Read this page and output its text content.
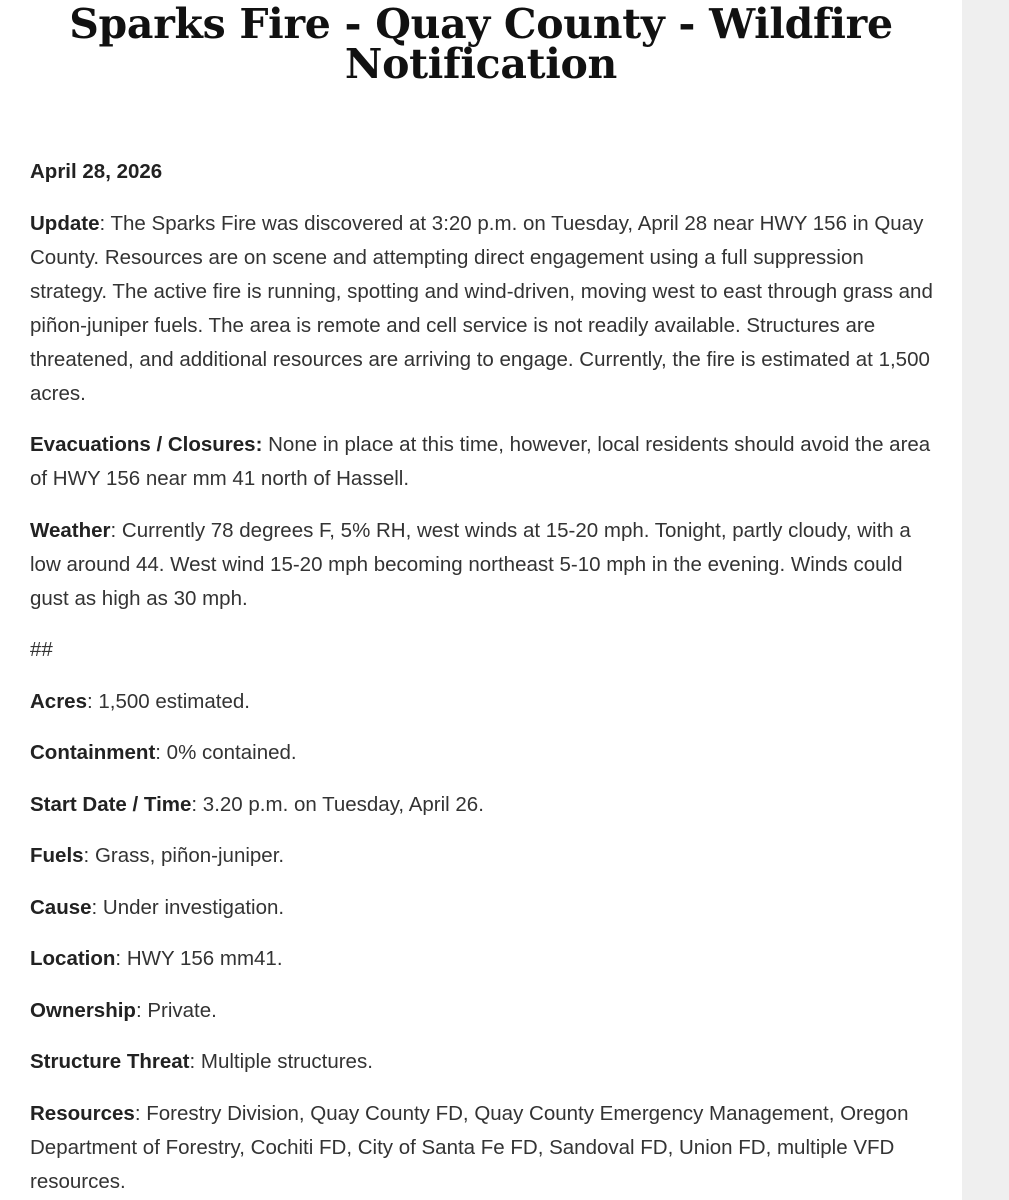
Sparks Fire - Quay County - Wildfire Notification

April 28, 2026

Update: The Sparks Fire was discovered at 3:20 p.m. on Tuesday, April 28 near HWY 156 in Quay County. Resources are on scene and attempting direct engagement using a full suppression strategy. The active fire is running, spotting and wind-driven, moving west to east through grass and piñon-juniper fuels. The area is remote and cell service is not readily available. Structures are threatened, and additional resources are arriving to engage. Currently, the fire is estimated at 1,500 acres.

Evacuations / Closures: None in place at this time, however, local residents should avoid the area of HWY 156 near mm 41 north of Hassell.

Weather: Currently 78 degrees F, 5% RH, west winds at 15-20 mph. Tonight, partly cloudy, with a low around 44. West wind 15-20 mph becoming northeast 5-10 mph in the evening. Winds could gust as high as 30 mph.

##

Acres: 1,500 estimated.

Containment: 0% contained.

Start Date / Time: 3.20 p.m. on Tuesday, April 26.

Fuels: Grass, piñon-juniper.

Cause: Under investigation.

Location: HWY 156 mm41.

Ownership: Private.

Structure Threat: Multiple structures.

Resources: Forestry Division, Quay County FD, Quay County Emergency Management, Oregon Department of Forestry, Cochiti FD, City of Santa Fe FD, Sandoval FD, Union FD, multiple VFD resources.
